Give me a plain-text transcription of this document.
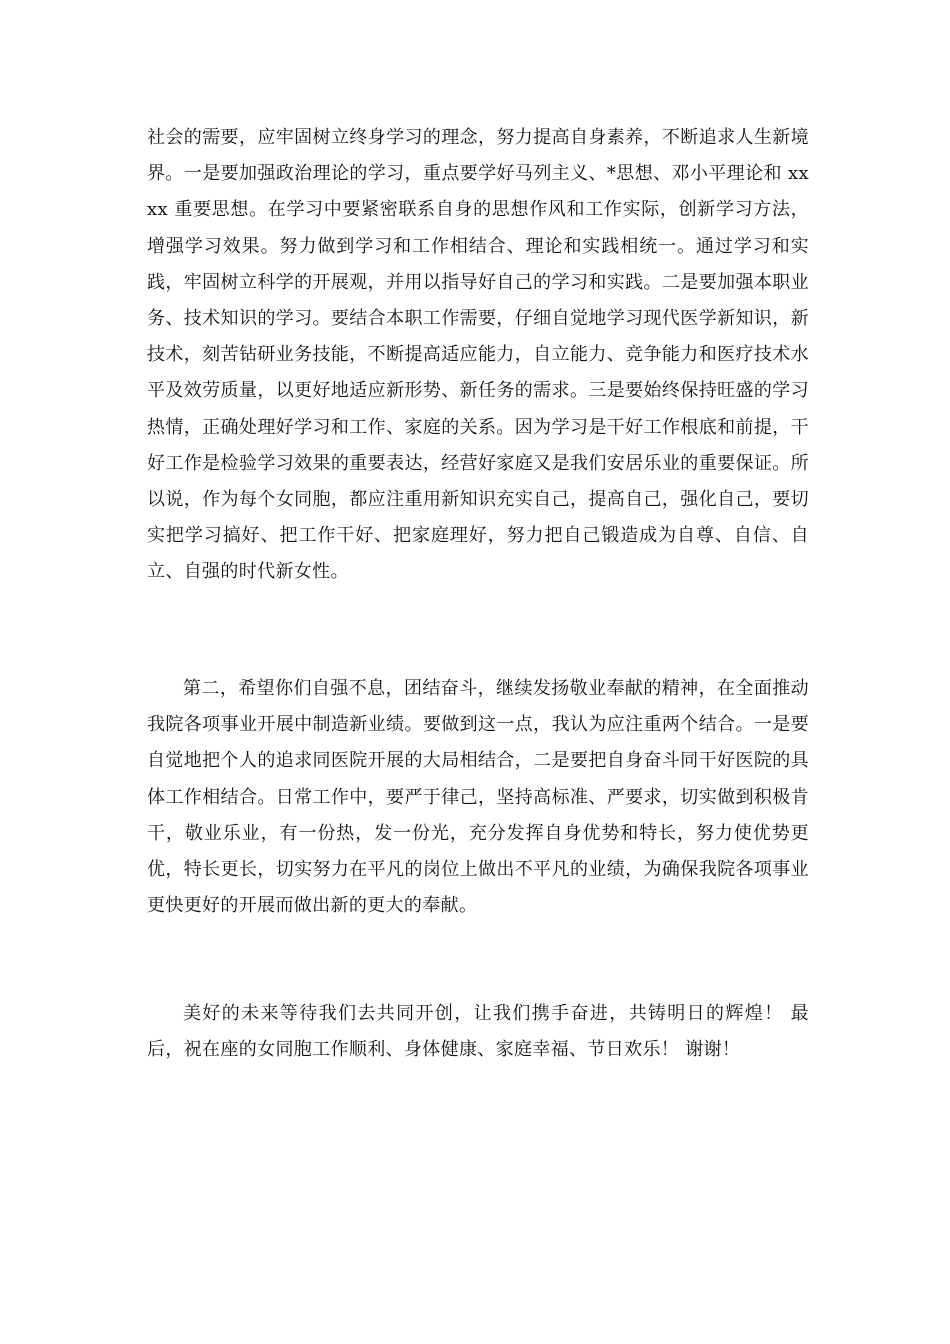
社会的需要，应牢固树立终身学习的理念，努力提高自身素养，不断追求人生新境界。一是要加强政治理论的学习，重点要学好马列主义、*思想、邓小平理论和 xxxx 重要思想。在学习中要紧密联系自身的思想作风和工作实际，创新学习方法，增强学习效果。努力做到学习和工作相结合、理论和实践相统一。通过学习和实践，牢固树立科学的开展观，并用以指导好自己的学习和实践。二是要加强本职业务、技术知识的学习。要结合本职工作需要，仔细自觉地学习现代医学新知识，新技术，刻苦钻研业务技能，不断提高适应能力，自立能力、竞争能力和医疗技术水平及效劳质量，以更好地适应新形势、新任务的需求。三是要始终保持旺盛的学习热情，正确处理好学习和工作、家庭的关系。因为学习是干好工作根底和前提，干好工作是检验学习效果的重要表达，经营好家庭又是我们安居乐业的重要保证。所以说，作为每个女同胞，都应注重用新知识充实自己，提高自己，强化自己，要切实把学习搞好、把工作干好、把家庭理好，努力把自己锻造成为自尊、自信、自立、自强的时代新女性。

第二，希望你们自强不息，团结奋斗，继续发扬敬业奉献的精神，在全面推动我院各项事业开展中制造新业绩。要做到这一点，我认为应注重两个结合。一是要自觉地把个人的追求同医院开展的大局相结合，二是要把自身奋斗同干好医院的具体工作相结合。日常工作中，要严于律己，坚持高标准、严要求，切实做到积极肯干，敬业乐业，有一份热，发一份光，充分发挥自身优势和特长，努力使优势更优，特长更长，切实努力在平凡的岗位上做出不平凡的业绩，为确保我院各项事业更快更好的开展而做出新的更大的奉献。

美好的未来等待我们去共同开创，让我们携手奋进，共铸明日的辉煌！ 最后，祝在座的女同胞工作顺利、身体健康、家庭幸福、节日欢乐！ 谢谢！
